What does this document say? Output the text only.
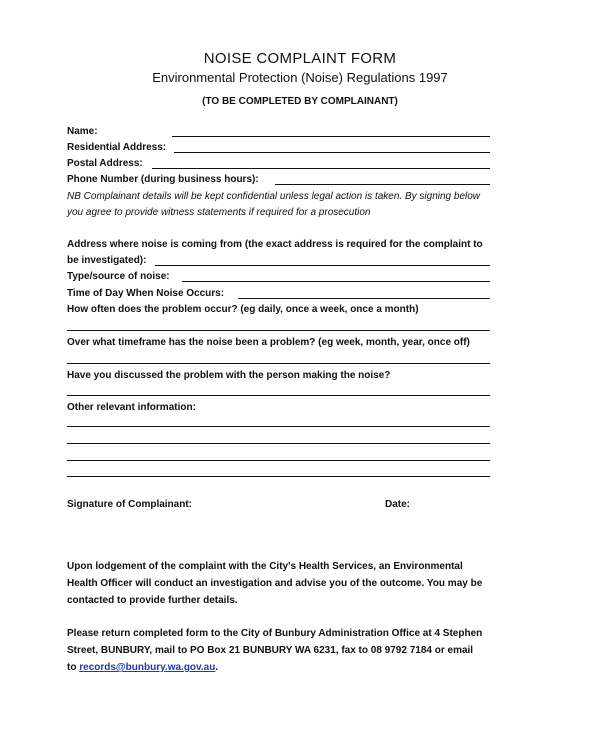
NOISE COMPLAINT FORM
Environmental Protection (Noise) Regulations 1997
(TO BE COMPLETED BY COMPLAINANT)
Name:
Residential Address:
Postal Address:
Phone Number (during business hours):
NB Complainant details will be kept confidential unless legal action is taken. By signing below
you agree to provide witness statements if required for a prosecution
Address where noise is coming from (the exact address is required for the complaint to
be investigated):
Type/source of noise:
Time of Day When Noise Occurs:
How often does the problem occur? (eg daily, once a week, once a month)
Over what timeframe has the noise been a problem? (eg week, month, year, once off)
Have you discussed the problem with the person making the noise?
Other relevant information:
Signature of Complainant:	Date:
Upon lodgement of the complaint with the City's Health Services, an Environmental
Health Officer will conduct an investigation and advise you of the outcome. You may be
contacted to provide further details.
Please return completed form to the City of Bunbury Administration Office at 4 Stephen
Street, BUNBURY, mail to PO Box 21 BUNBURY WA 6231, fax to 08 9792 7184 or email
to records@bunbury.wa.gov.au.
